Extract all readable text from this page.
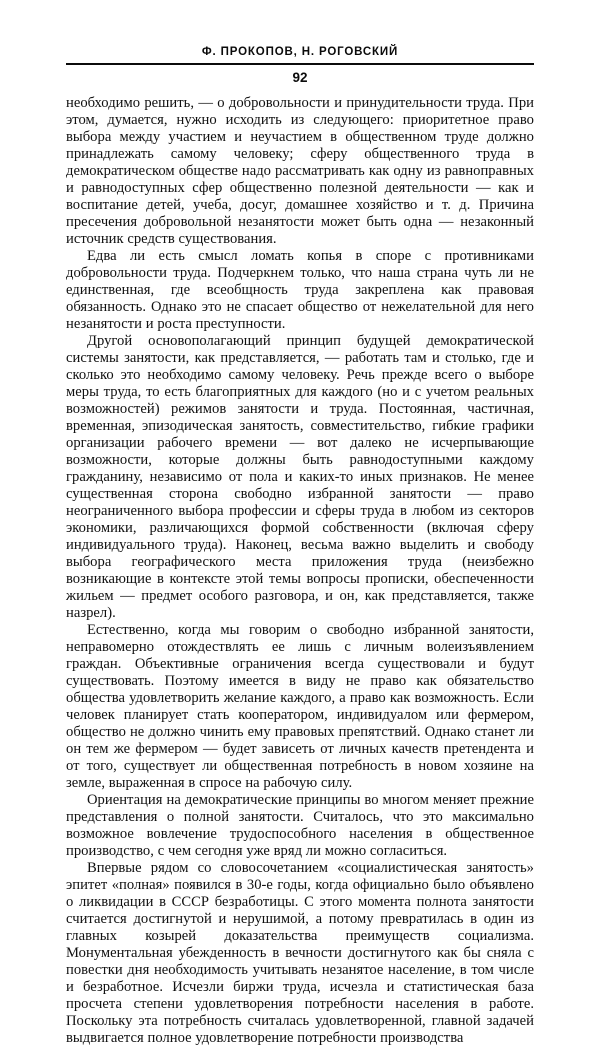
Ф. ПРОКОПОВ, Н. РОГОВСКИЙ
92

необходимо решить, — о добровольности и принудительности труда. При этом, думается, нужно исходить из следующего: приоритетное право выбора между участием и неучастием в общественном труде должно принадлежать самому человеку; сферу общественного труда в демократическом обществе надо рассматривать как одну из равноправных и равнодоступных сфер общественно полезной деятельности — как и воспитание детей, учеба, досуг, домашнее хозяйство и т. д. Причина пресечения добровольной незанятости может быть одна — незаконный источник средств существования.

Едва ли есть смысл ломать копья в споре с противниками добровольности труда. Подчеркнем только, что наша страна чуть ли не единственная, где всеобщность труда закреплена как правовая обязанность. Однако это не спасает общество от нежелательной для него незанятости и роста преступности.

Другой основополагающий принцип будущей демократической системы занятости, как представляется, — работать там и столько, где и сколько это необходимо самому человеку. Речь прежде всего о выборе меры труда, то есть благоприятных для каждого (но и с учетом реальных возможностей) режимов занятости и труда. Постоянная, частичная, временная, эпизодическая занятость, совместительство, гибкие графики организации рабочего времени — вот далеко не исчерпывающие возможности, которые должны быть равнодоступными каждому гражданину, независимо от пола и каких-то иных признаков. Не менее существенная сторона свободно избранной занятости — право неограниченного выбора профессии и сферы труда в любом из секторов экономики, различающихся формой собственности (включая сферу индивидуального труда). Наконец, весьма важно выделить и свободу выбора географического места приложения труда (неизбежно возникающие в контексте этой темы вопросы прописки, обеспеченности жильем — предмет особого разговора, и он, как представляется, также назрел).

Естественно, когда мы говорим о свободно избранной занятости, неправомерно отождествлять ее лишь с личным волеизъявлением граждан. Объективные ограничения всегда существовали и будут существовать. Поэтому имеется в виду не право как обязательство общества удовлетворить желание каждого, а право как возможность. Если человек планирует стать кооператором, индивидуалом или фермером, общество не должно чинить ему правовых препятствий. Однако станет ли он тем же фермером — будет зависеть от личных качеств претендента и от того, существует ли общественная потребность в новом хозяине на земле, выраженная в спросе на рабочую силу.

Ориентация на демократические принципы во многом меняет прежние представления о полной занятости. Считалось, что это максимально возможное вовлечение трудоспособного населения в общественное производство, с чем сегодня уже вряд ли можно согласиться.

Впервые рядом со словосочетанием «социалистическая занятость» эпитет «полная» появился в 30-е годы, когда официально было объявлено о ликвидации в СССР безработицы. С этого момента полнота занятости считается достигнутой и нерушимой, а потому превратилась в один из главных козырей доказательства преимуществ социализма. Монументальная убежденность в вечности достигнутого как бы сняла с повестки дня необходимость учитывать незанятое население, в том числе и безработное. Исчезли биржи труда, исчезла и статистическая база просчета степени удовлетворения потребности населения в работе. Поскольку эта потребность считалась удовлетворенной, главной задачей выдвигается полное удовлетворение потребности производства
